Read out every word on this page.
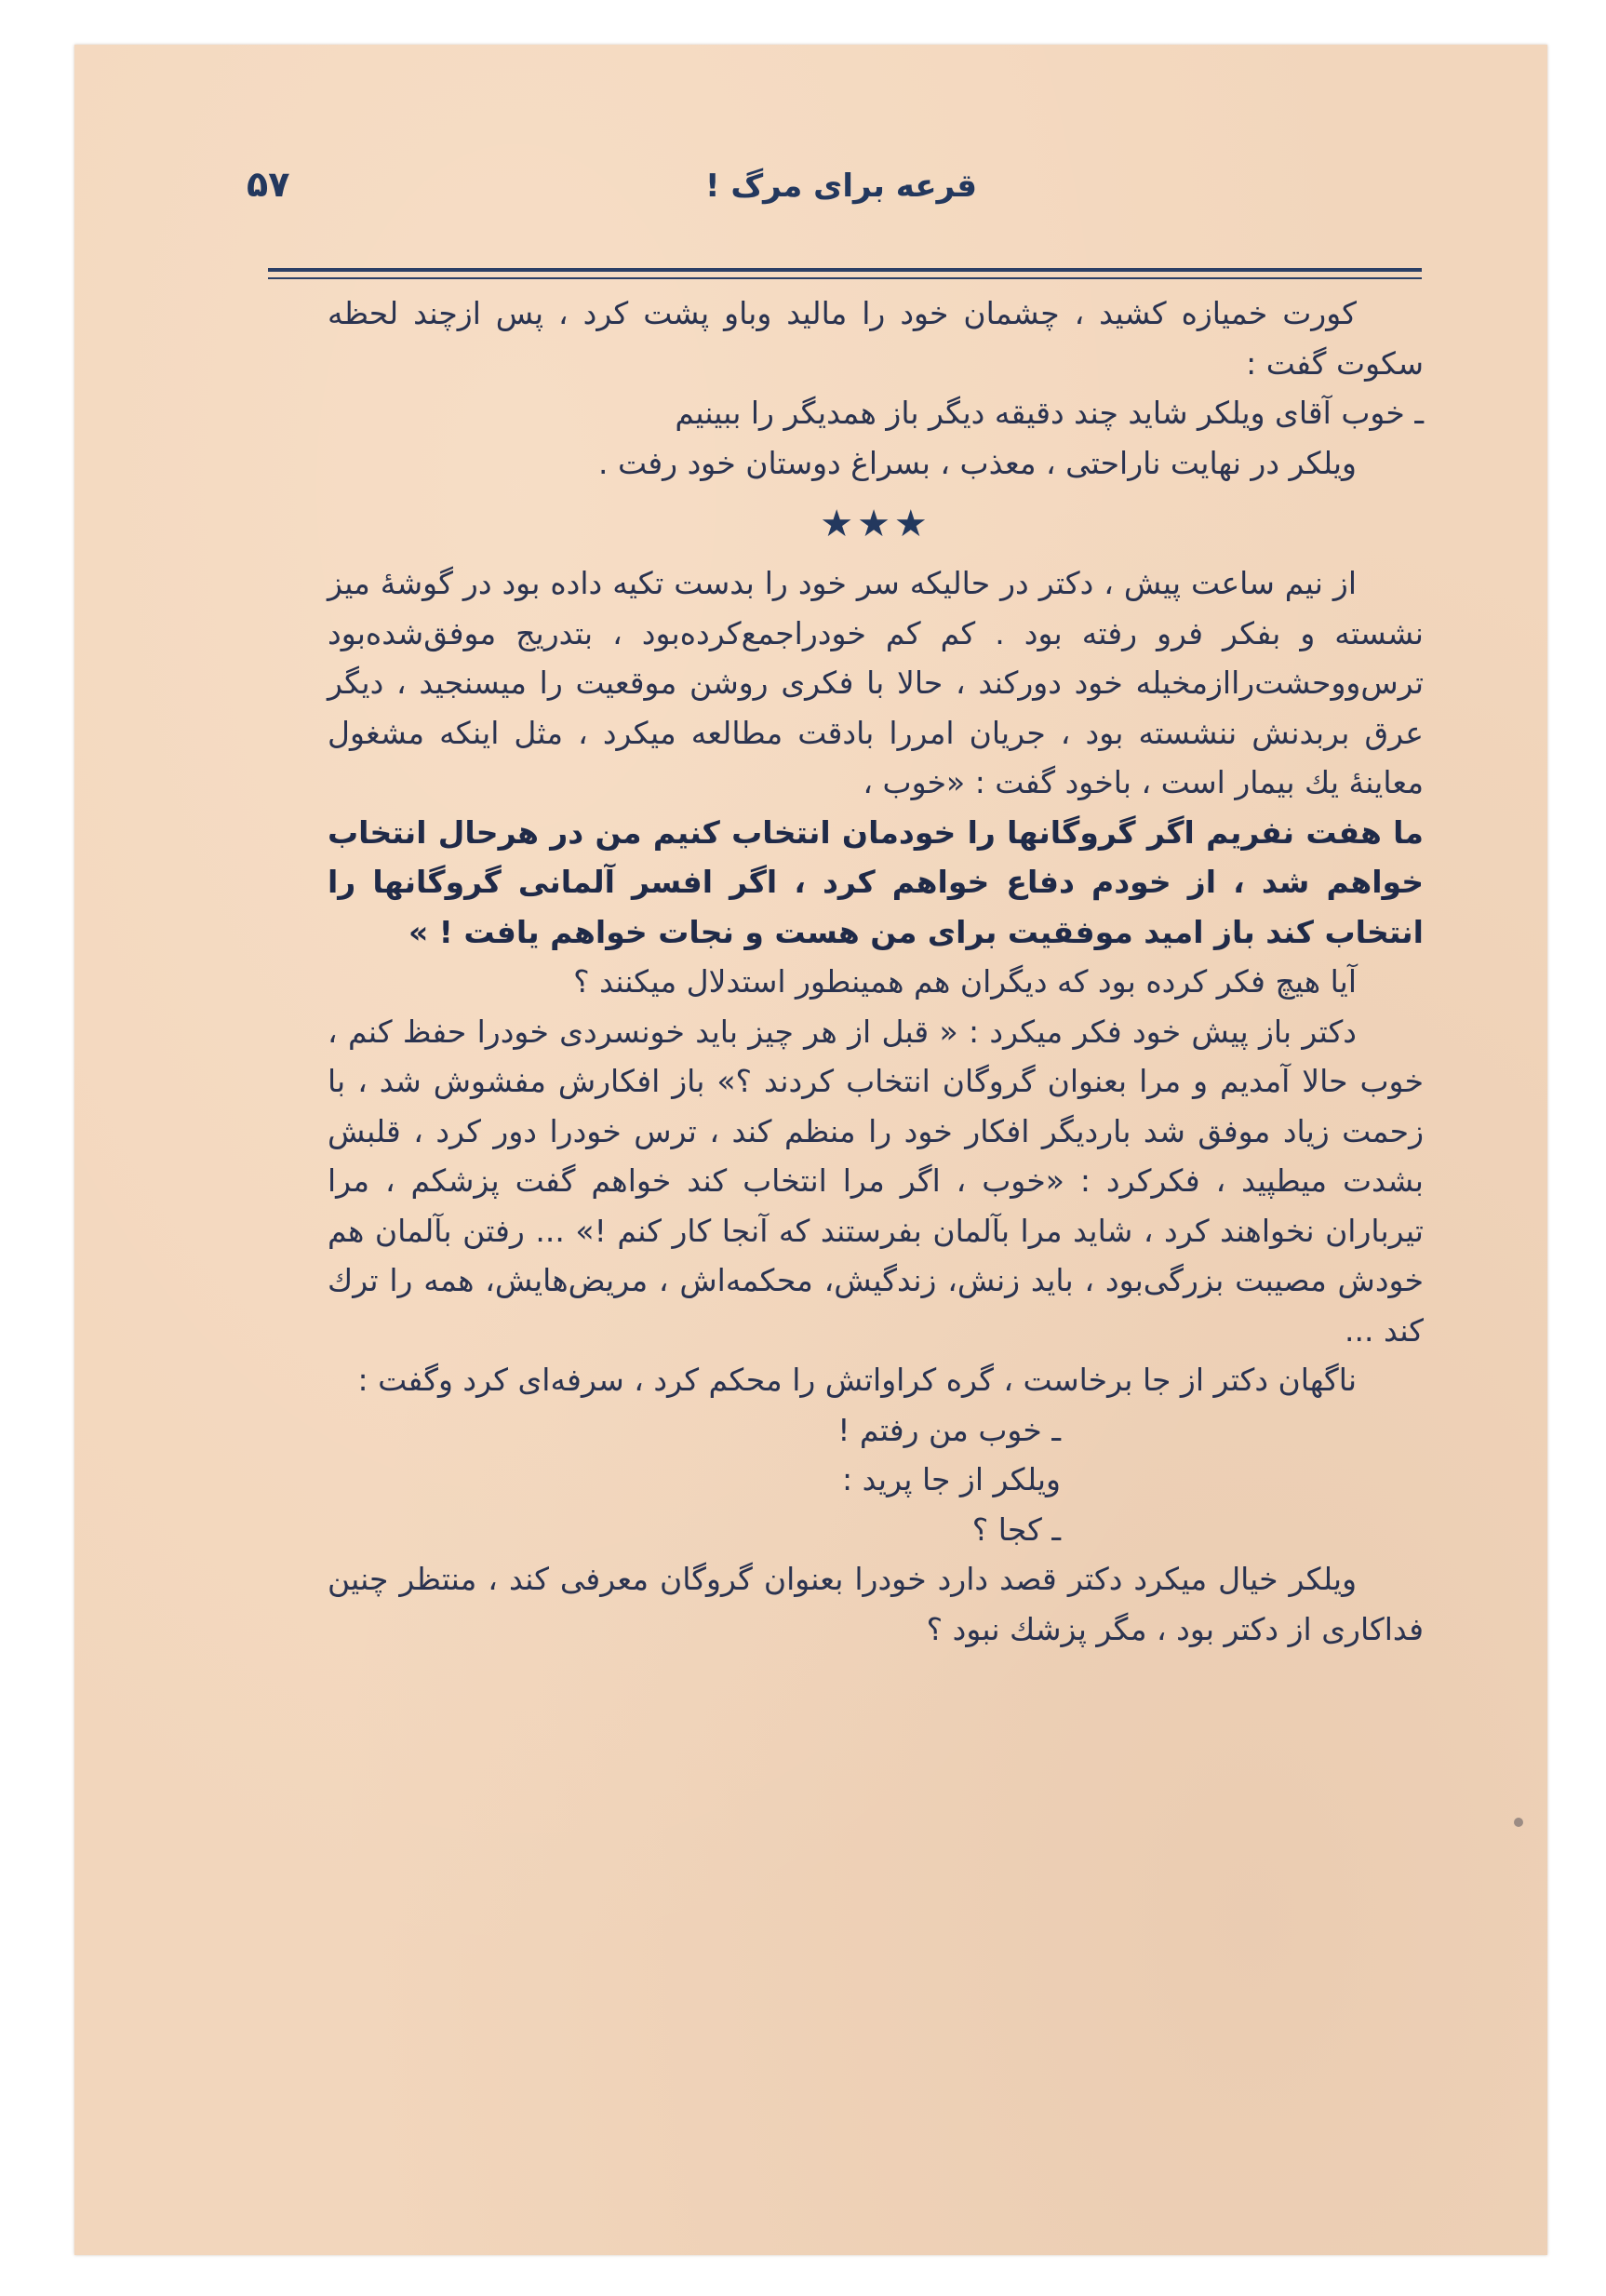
قرعه برای مرگ !
۵۷

کورت خمیازه کشید ، چشمان خود را مالید وباو پشت کرد ، پس ازچند لحظه سکوت گفت :

ـ خوب آقای ویلکر شاید چند دقیقه دیگر باز همدیگر را ببینیم

ویلکر در نهایت ناراحتی ، معذب ، بسراغ دوستان خود رفت .

★★★

از نیم ساعت پیش ، دکتر در حالیکه سر خود را بدست تکیه داده بود در گوشهٔ میز نشسته و بفکر فرو رفته بود . کم کم خودراجمع‌کرده‌بود ، بتدریج موفق‌شده‌بود ترس‌ووحشت‌رااز‌مخیله خود دورکند ، حالا با فکری روشن موقعیت را میسنجید ، دیگر عرق بربدنش ننشسته بود ، جریان امررا بادقت مطالعه میکرد ، مثل اینکه مشغول معاینهٔ یك بیمار است ، باخود گفت : «خوب ،

ما هفت نفریم اگر گروگانها را خودمان انتخاب کنیم من در هرحال انتخاب خواهم شد ، از خودم دفاع خواهم کرد ، اگر افسر آلمانی گروگانها را انتخاب کند باز امید موفقیت برای من هست و نجات خواهم یافت ! »

آیا هیچ فکر کرده بود که دیگران هم همینطور استدلال میکنند ؟

دکتر باز پیش خود فکر میکرد : « قبل از هر چیز باید خونسردی خودرا حفظ کنم ، خوب حالا آمدیم و مرا بعنوان گروگان انتخاب کردند ؟» باز افکارش مفشوش شد ، با زحمت زیاد موفق شد باردیگر افکار خود را منظم کند ، ترس خودرا دور کرد ، قلبش بشدت میطپید ، فکرکرد : «خوب ، اگر مرا انتخاب کند خواهم گفت پزشکم ، مرا تیرباران نخواهند کرد ، شاید مرا بآلمان بفرستند که آنجا کار کنم !» ... رفتن بآلمان هم خودش مصیبت بزرگی‌بود ، باید زنش، زندگیش، محکمه‌اش ، مریض‌هایش، همه را ترك کند ...

ناگهان دکتر از جا برخاست ، گره کراواتش را محکم کرد ، سرفه‌ای کرد وگفت :

ـ خوب من رفتم !

ویلکر از جا پرید :

ـ کجا ؟

ویلکر خیال میکرد دکتر قصد دارد خودرا بعنوان گروگان معرفی کند ، منتظر چنین فداکاری از دکتر بود ، مگر پزشك نبود ؟
